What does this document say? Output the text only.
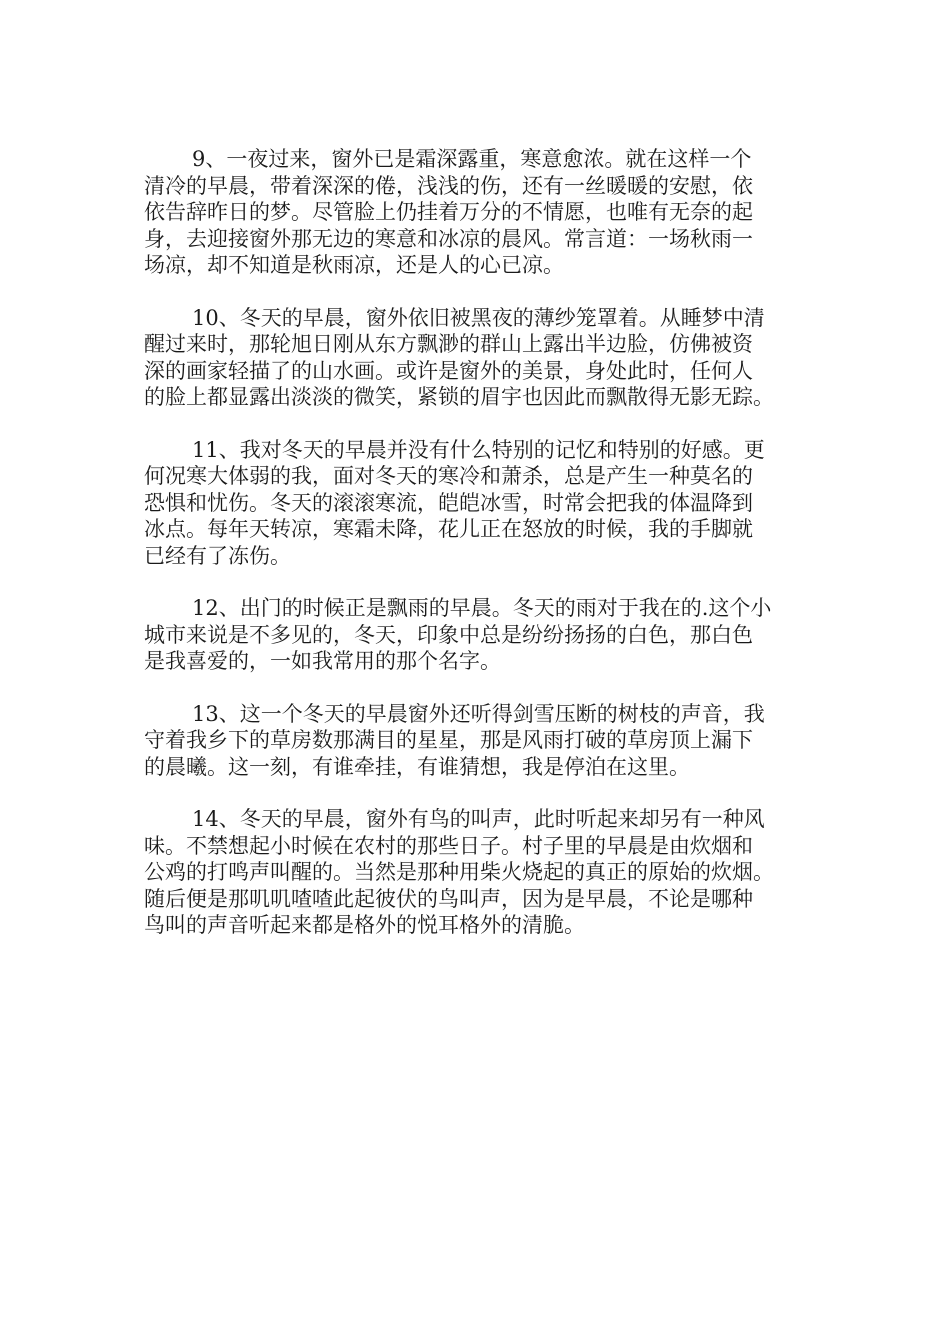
9、一夜过来，窗外已是霜深露重，寒意愈浓。就在这样一个
清冷的早晨，带着深深的倦，浅浅的伤，还有一丝暖暖的安慰，依
依告辞昨日的梦。尽管脸上仍挂着万分的不情愿，也唯有无奈的起
身，去迎接窗外那无边的寒意和冰凉的晨风。常言道：一场秋雨一
场凉，却不知道是秋雨凉，还是人的心已凉。

10、冬天的早晨，窗外依旧被黑夜的薄纱笼罩着。从睡梦中清
醒过来时，那轮旭日刚从东方飘渺的群山上露出半边脸，仿佛被资
深的画家轻描了的山水画。或许是窗外的美景，身处此时，任何人
的脸上都显露出淡淡的微笑，紧锁的眉宇也因此而飘散得无影无踪。

11、我对冬天的早晨并没有什么特别的记忆和特别的好感。更
何况寒大体弱的我，面对冬天的寒冷和萧杀，总是产生一种莫名的
恐惧和忧伤。冬天的滚滚寒流，皑皑冰雪，时常会把我的体温降到
冰点。每年天转凉，寒霜未降，花儿正在怒放的时候，我的手脚就
已经有了冻伤。

12、出门的时候正是飘雨的早晨。冬天的雨对于我在的.这个小
城市来说是不多见的，冬天，印象中总是纷纷扬扬的白色，那白色
是我喜爱的，一如我常用的那个名字。

13、这一个冬天的早晨窗外还听得剑雪压断的树枝的声音，我
守着我乡下的草房数那满目的星星，那是风雨打破的草房顶上漏下
的晨曦。这一刻，有谁牵挂，有谁猜想，我是停泊在这里。

14、冬天的早晨，窗外有鸟的叫声，此时听起来却另有一种风
味。不禁想起小时候在农村的那些日子。村子里的早晨是由炊烟和
公鸡的打鸣声叫醒的。当然是那种用柴火烧起的真正的原始的炊烟。
随后便是那叽叽喳喳此起彼伏的鸟叫声，因为是早晨，不论是哪种
鸟叫的声音听起来都是格外的悦耳格外的清脆。
